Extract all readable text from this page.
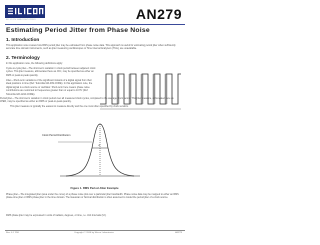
SILICON LABORATORIES	AN279
Estimating Period Jitter from Phase Noise
1. Introduction
This application note reviews how RMS period jitter may be estimated from phase noise data. This approach is useful for estimating period jitter when sufficiently accurate time domain instruments, such as jitter measuring oscilloscopes or Time Interval Analyzers (TIAs), are unavailable.
2. Terminology
In this application note, the following definitions apply:
Cycle-to-cycle jitter—The short-term variation in clock period between adjacent clock cycles. This jitter measure, abbreviated here as JCC, may be specified as either an RMS or peak-to-peak quantity.
Jitter—Short-term variations of the significant instants of a digital signal from their ideal positions in time (Ref: Telcordia GR-499-CORE). In this application note, the digital signal is a clock source or oscillator. Short-term here means phase noise contributions are restricted to frequencies greater than or equal to 10 Hz (Ref: Telcordia GR-1244-CORE).
Period jitter—The short-term variation in clock period over all measured clock cycles, compared to the average clock period. This jitter measure, abbreviated here as JPER, may be specified as either an RMS or peak-to-peak quantity.
This jitter measure is typically the easiest to measure directly and the one most often specified by clock vendors.
Clock Period Distribution
σ
Figure 1. RMS Period Jitter Example
Phase jitter—The integrated jitter (area under the curve) of a phase noise plot over a particular jitter bandwidth. Phase noise data may be mapped to either an RMS phase-time jitter or RMS phase jitter in the time domain. The Gaussian or Normal distribution is often assumed to model the period jitter of a clock source.
RMS phase jitter may be expressed in units of radians, degrees, or time, i.e. Unit Intervals (UI).
Rev. 0.1 7/06	Copyright © 2006 by Silicon Laboratories	AN279
